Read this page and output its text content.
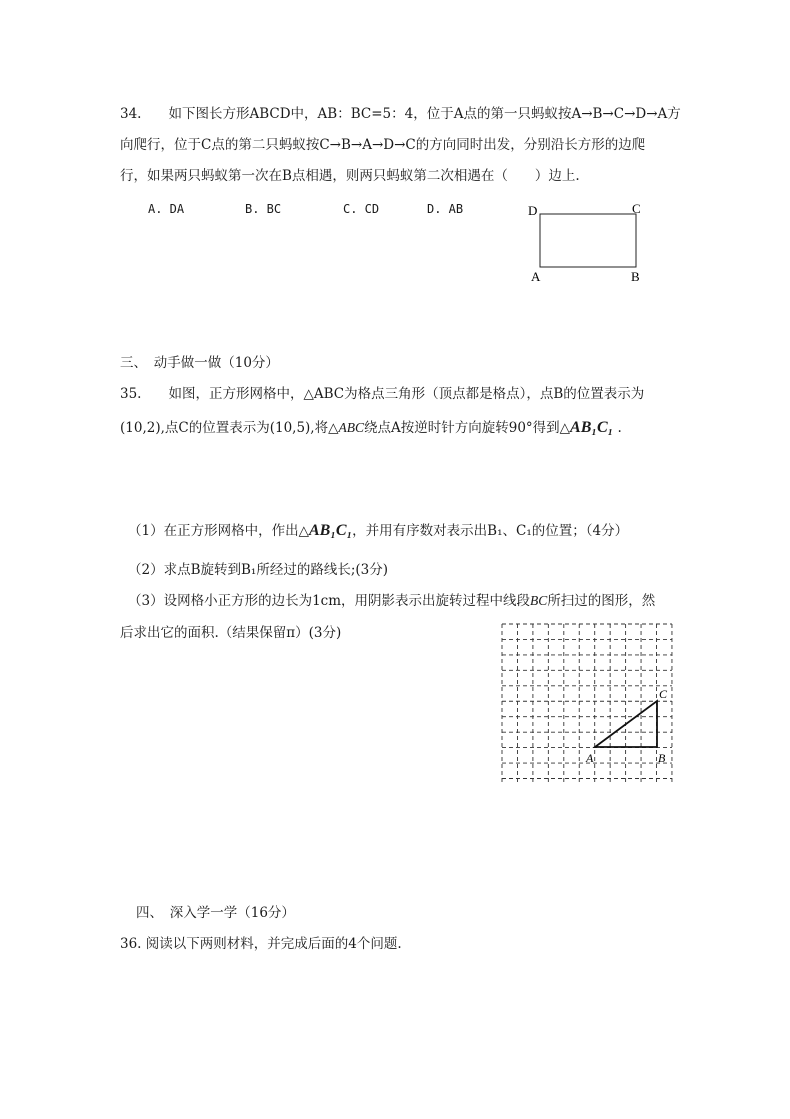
34.　　如下图长方形ABCD中，AB：BC=5：4，位于A点的第一只蚂蚁按A→B→C→D→A方
向爬行，位于C点的第二只蚂蚁按C→B→A→D→C的方向同时出发，分别沿长方形的边爬
行，如果两只蚂蚁第一次在B点相遇，则两只蚂蚁第二次相遇在（　　）边上.
A. DA	B. BC	C. CD	D. AB	D	C
A	B
三、　动手做一做（10分）
35.　　如图，正方形网格中，△ABC为格点三角形（顶点都是格点），点B的位置表示为
(10,2),点C的位置表示为(10,5),将△ABC绕点A按逆时针方向旋转90°得到△AB₁C₁ .
（1）在正方形网格中，作出△AB₁C₁，并用有序数对表示出B₁、C₁的位置；（4分）
（2）求点B旋转到B₁所经过的路线长;(3分)
（3）设网格小正方形的边长为1cm，用阴影表示出旋转过程中线段BC所扫过的图形，然
后求出它的面积.（结果保留π）(3分)
A	B
C
四、　深入学一学（16分）
36. 阅读以下两则材料，并完成后面的4个问题.
